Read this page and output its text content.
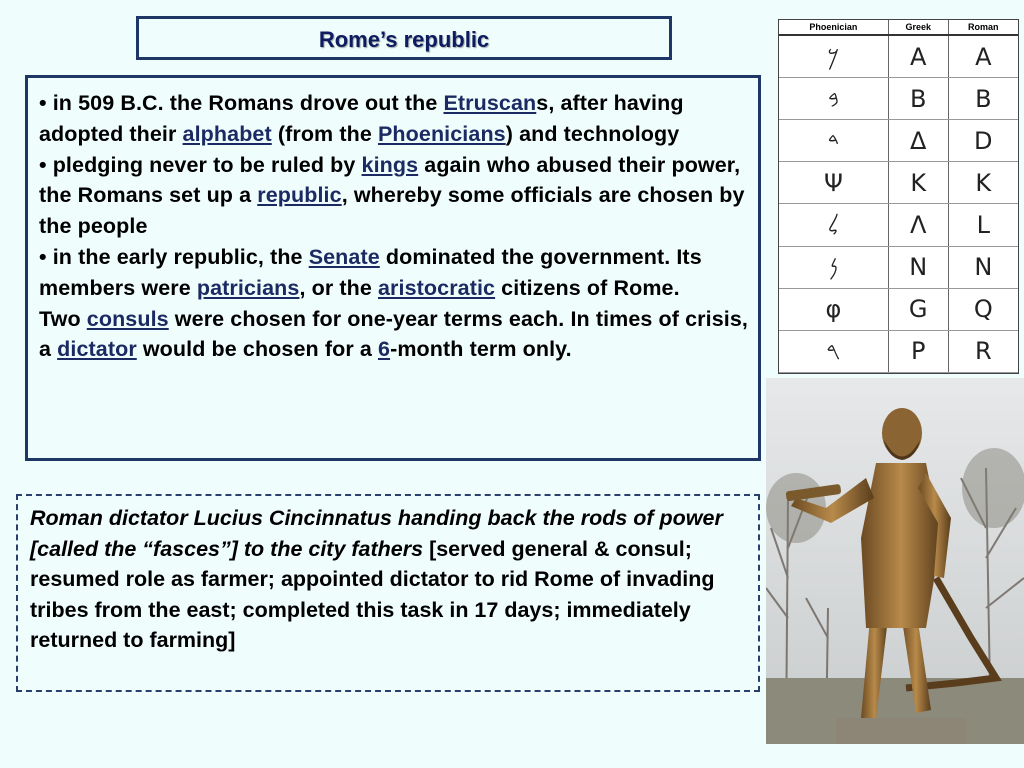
Rome’s republic

• in 509 B.C. the Romans drove out the Etruscans, after having adopted their alphabet (from the Phoenicians) and technology

• pledging never to be ruled by kings again who abused their power, the Romans set up a republic, whereby some officials are chosen by the people

• in the early republic, the Senate dominated the government. Its members were patricians, or the aristocratic citizens of Rome.

Two consuls were chosen for one-year terms each. In times of crisis, a dictator would be chosen for a 6-month term only.

Roman dictator Lucius Cincinnatus handing back the rods of power [called the “fasces”] to the city fathers [served general & consul; resumed role as farmer; appointed dictator to rid Rome of invading tribes from the east; completed this task in 17 days; immediately returned to farming]

Phoenician	Greek	Roman
𐤊	A	A
𐤁	B	B
𐤃	Δ	D
Ψ	K	K
𐤋	Λ	L
𐤍	N	N
φ	G	Q
𐤓	P	R
